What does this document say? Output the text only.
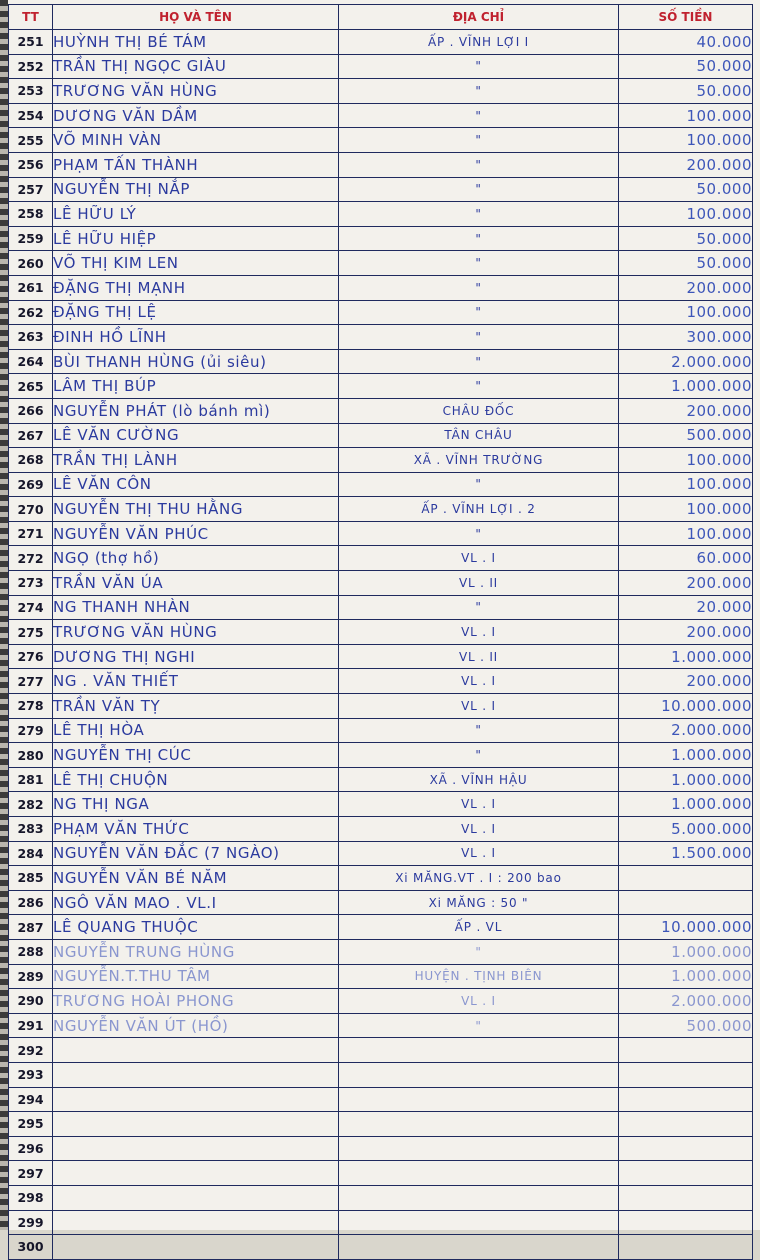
TT	HỌ VÀ TÊN	ĐỊA CHỈ	SỐ TIỀN
251	HUỲNH THỊ BÉ TÁM	ẤP . VĨNH LỢI I	40.000
252	TRẦN THỊ NGỌC GIÀU	"	50.000
253	TRƯƠNG VĂN HÙNG	"	50.000
254	DƯƠNG VĂN DẦM	"	100.000
255	VÕ MINH VÀN	"	100.000
256	PHẠM TẤN THÀNH	"	200.000
257	NGUYỄN THỊ NẮP	"	50.000
258	LÊ HỮU LÝ	"	100.000
259	LÊ HỮU HIỆP	"	50.000
260	VÕ THỊ KIM LEN	"	50.000
261	ĐẶNG THỊ MẠNH	"	200.000
262	ĐẶNG THỊ LỆ	"	100.000
263	ĐINH HỒ LĨNH	"	300.000
264	BÙI THANH HÙNG (ủi siêu)	"	2.000.000
265	LÂM THỊ BÚP	"	1.000.000
266	NGUYỄN PHÁT (lò bánh mì)	CHÂU ĐỐC	200.000
267	LÊ VĂN CƯỜNG	TÂN CHÂU	500.000
268	TRẦN THỊ LÀNH	XÃ . VĨNH TRƯỜNG	100.000
269	LÊ VĂN CÔN	"	100.000
270	NGUYỄN THỊ THU HẰNG	ẤP . VĨNH LỢI . 2	100.000
271	NGUYỄN VĂN PHÚC	"	100.000
272	NGỌ (thợ hồ)	VL . I	60.000
273	TRẦN VĂN ÚA	VL . II	200.000
274	NG THANH NHÀN	"	20.000
275	TRƯƠNG VĂN HÙNG	VL . I	200.000
276	DƯƠNG THỊ NGHI	VL . II	1.000.000
277	NG . VĂN THIẾT	VL . I	200.000
278	TRẦN VĂN TỴ	VL . I	10.000.000
279	LÊ THỊ HÒA	"	2.000.000
280	NGUYỄN THỊ CÚC	"	1.000.000
281	LÊ THỊ CHUỘN	XÃ . VĨNH HẬU	1.000.000
282	NG THỊ NGA	VL . I	1.000.000
283	PHẠM VĂN THỨC	VL . I	5.000.000
284	NGUYỄN VĂN ĐẮC (7 NGÀO)	VL . I	1.500.000
285	NGUYỄN VĂN BÉ NĂM	Xi MĂNG.VT . I : 200 bao	
286	NGÔ VĂN MAO . VL.I	Xi MĂNG : 50 "	
287	LÊ QUANG THUỘC	ẤP . VL	10.000.000
288	NGUYỄN TRUNG HÙNG	"	1.000.000
289	NGUYỄN.T.THU TÂM	HUYỆN . TỊNH BIÊN	1.000.000
290	TRƯƠNG HOÀI PHONG	VL . I	2.000.000
291	NGUYỄN VĂN ÚT (HỒ)	"	500.000
292			
293			
294			
295			
296			
297			
298			
299			
300			
